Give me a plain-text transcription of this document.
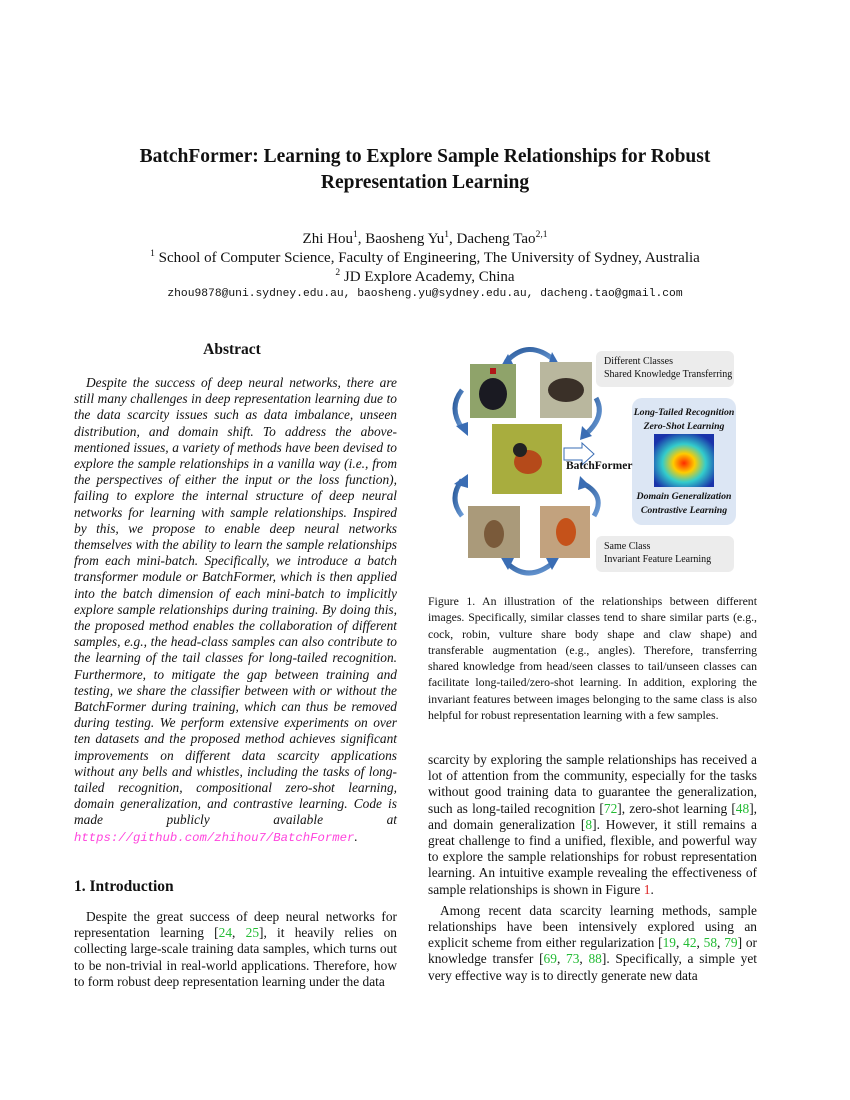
BatchFormer: Learning to Explore Sample Relationships for Robust
Representation Learning
Zhi Hou$^1$, Baosheng Yu$^1$, Dacheng Tao$^{2,1}$
$^1$ School of Computer Science, Faculty of Engineering, The University of Sydney, Australia
$^2$ JD Explore Academy, China
zhou9878@uni.sydney.edu.au, baosheng.yu@sydney.edu.au, dacheng.tao@gmail.com
Abstract

Despite the success of deep neural networks, there are still many challenges in deep representation learning due to the data scarcity issues such as data imbalance, unseen distribution, and domain shift. To address the above-mentioned issues, a variety of methods have been devised to explore the sample relationships in a vanilla way (i.e., from the perspectives of either the input or the loss function), failing to explore the internal structure of deep neural networks for learning with sample relationships. Inspired by this, we propose to enable deep neural networks themselves with the ability to learn the sample relationships from each mini-batch. Specifically, we introduce a batch transformer module or BatchFormer, which is then applied into the batch dimension of each mini-batch to implicitly explore sample relationships during training. By doing this, the proposed method enables the collaboration of different samples, e.g., the head-class samples can also contribute to the learning of the tail classes for long-tailed recognition. Furthermore, to mitigate the gap between training and testing, we share the classifier between with or without the BatchFormer during training, which can thus be removed during testing. We perform extensive experiments on over ten datasets and the proposed method achieves significant improvements on different data scarcity applications without any bells and whistles, including the tasks of long-tailed recognition, compositional zero-shot learning, domain generalization, and contrastive learning. Code is made publicly available at https://github.com/zhihou7/BatchFormer.

1. Introduction

Despite the great success of deep neural networks for representation learning [24, 25], it heavily relies on collecting large-scale training data samples, which turns out to be non-trivial in real-world applications. Therefore, how to form robust deep representation learning under the data

Different Classes
Shared Knowledge Transferring
Long-Tailed Recognition
Zero-Shot Learning
Domain Generalization
Contrastive Learning
BatchFormer
Same Class
Invariant Feature Learning
Figure 1. An illustration of the relationships between different images. Specifically, similar classes tend to share similar parts (e.g., cock, robin, vulture share body shape and claw shape) and transferable augmentation (e.g., angles). Therefore, transferring shared knowledge from head/seen classes to tail/unseen classes can facilitate long-tailed/zero-shot learning. In addition, exploring the invariant features between images belonging to the same class is also helpful for robust representation learning with a few samples.

scarcity by exploring the sample relationships has received a lot of attention from the community, especially for the tasks without good training data to guarantee the generalization, such as long-tailed recognition [72], zero-shot learning [48], and domain generalization [8]. However, it still remains a great challenge to find a unified, flexible, and powerful way to explore the sample relationships for robust representation learning. An intuitive example revealing the effectiveness of sample relationships is shown in Figure 1.

Among recent data scarcity learning methods, sample relationships have been intensively explored using an explicit scheme from either regularization [19, 42, 58, 79] or knowledge transfer [69, 73, 88]. Specifically, a simple yet very effective way is to directly generate new data
